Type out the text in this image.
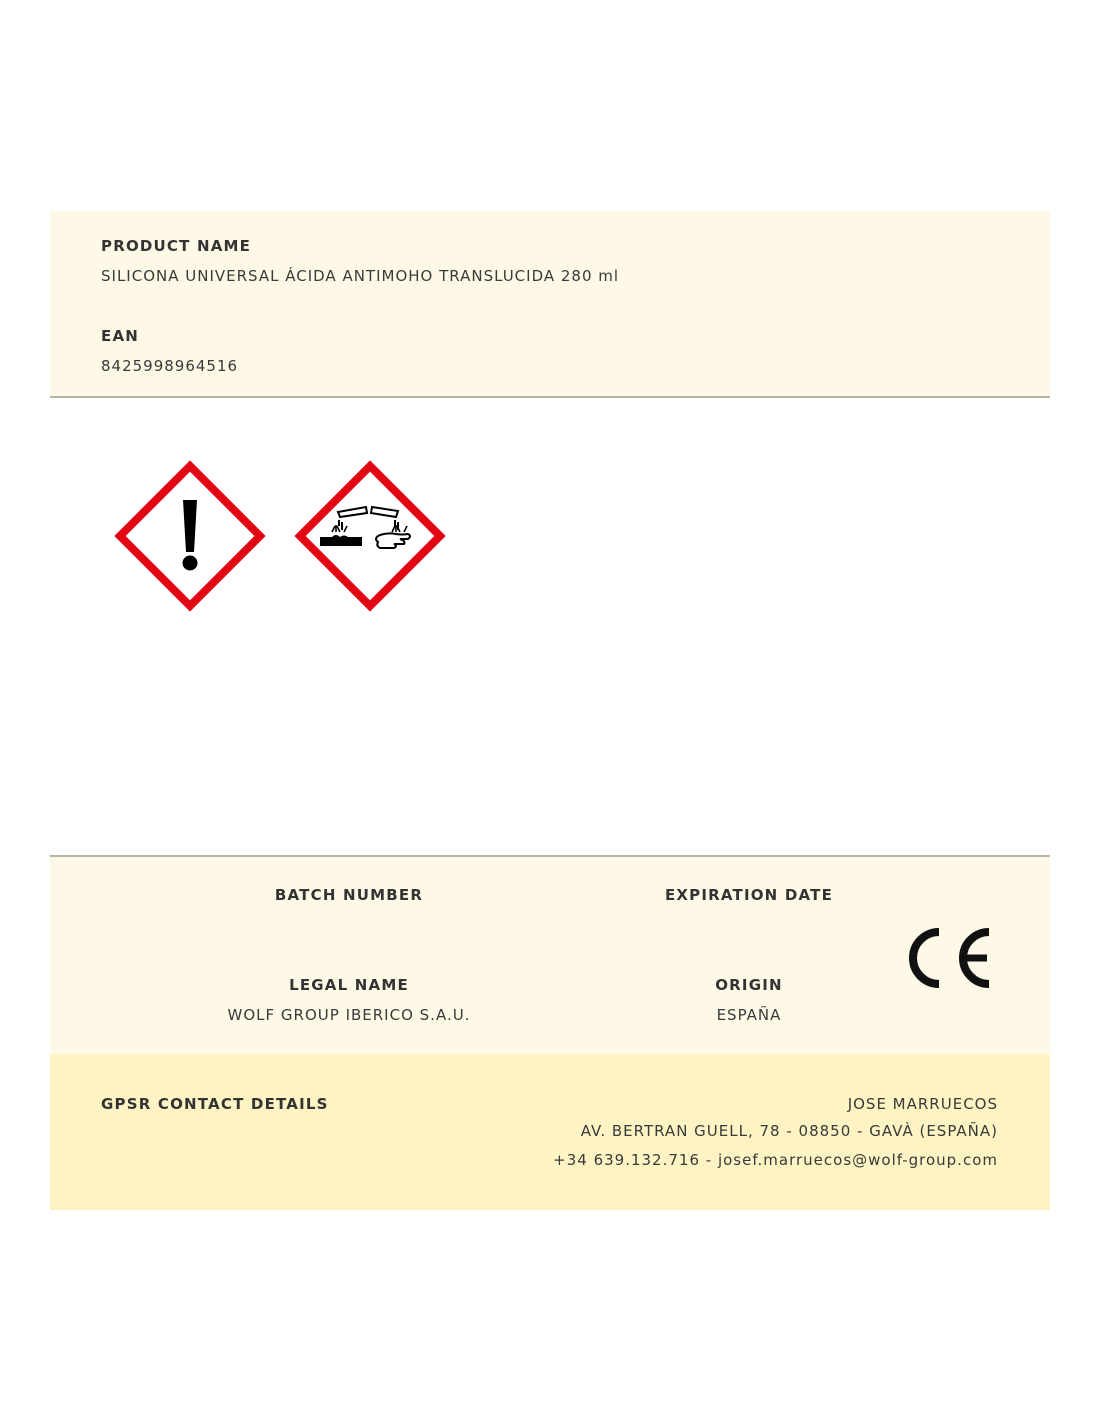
PRODUCT NAME
SILICONA UNIVERSAL ÁCIDA ANTIMOHO TRANSLUCIDA 280 ml
EAN
8425998964516
BATCH NUMBER	EXPIRATION DATE
LEGAL NAME
WOLF GROUP IBERICO S.A.U.
ORIGIN
ESPAÑA
GPSR CONTACT DETAILS	JOSE MARRUECOS
AV. BERTRAN GUELL, 78 - 08850 - GAVÀ (ESPAÑA)
+34 639.132.716 - josef.marruecos@wolf-group.com
